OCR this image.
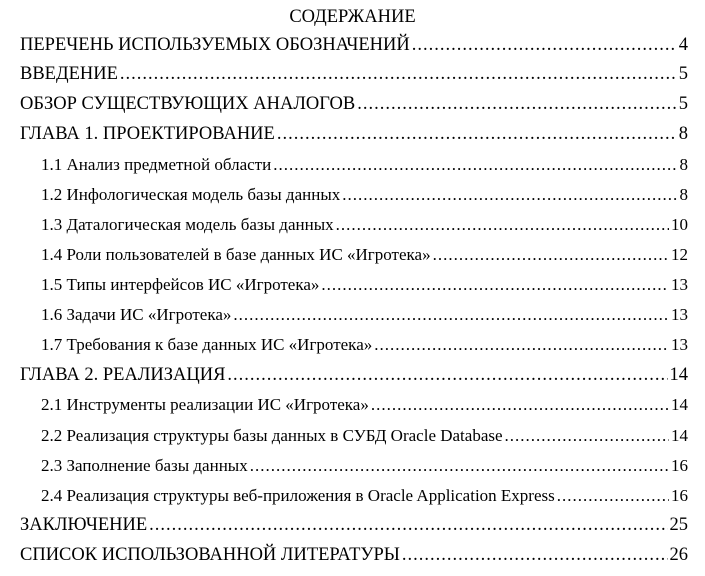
СОДЕРЖАНИЕ
ПЕРЕЧЕНЬ ИСПОЛЬЗУЕМЫХ ОБОЗНАЧЕНИЙ .....	4
ВВЕДЕНИЕ .....	5
ОБЗОР СУЩЕСТВУЮЩИХ АНАЛОГОВ .....	5
ГЛАВА 1. ПРОЕКТИРОВАНИЕ .....	8
1.1 Анализ предметной области .....	8
1.2 Инфологическая модель базы данных .....	8
1.3 Даталогическая модель базы данных .....	10
1.4 Роли пользователей в базе данных ИС «Игротека» .....	12
1.5 Типы интерфейсов ИС «Игротека» .....	13
1.6 Задачи ИС «Игротека» .....	13
1.7 Требования к базе данных ИС «Игротека» .....	13
ГЛАВА 2. РЕАЛИЗАЦИЯ .....	14
2.1 Инструменты реализации ИС «Игротека» .....	14
2.2 Реализация структуры базы данных в СУБД Oracle Database .....	14
2.3 Заполнение базы данных .....	16
2.4 Реализация структуры веб-приложения в Oracle Application Express .....	16
ЗАКЛЮЧЕНИЕ .....	25
СПИСОК ИСПОЛЬЗОВАННОЙ ЛИТЕРАТУРЫ .....	26
